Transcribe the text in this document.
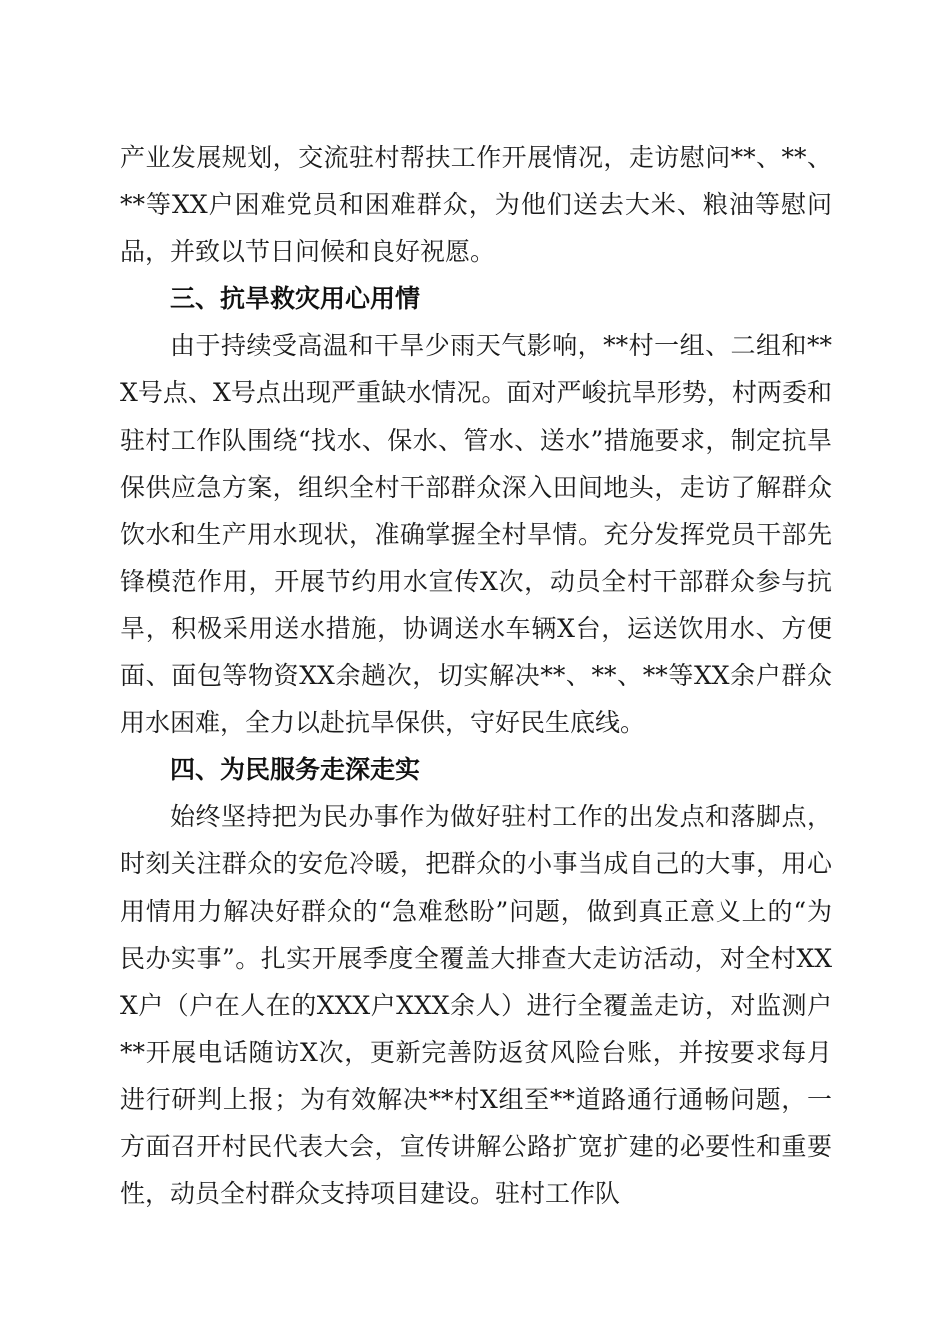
产业发展规划，交流驻村帮扶工作开展情况，走访慰问**、**、**等XX户困难党员和困难群众，为他们送去大米、粮油等慰问品，并致以节日问候和良好祝愿。

三、抗旱救灾用心用情

由于持续受高温和干旱少雨天气影响，**村一组、二组和**X号点、X号点出现严重缺水情况。面对严峻抗旱形势，村两委和驻村工作队围绕“找水、保水、管水、送水”措施要求，制定抗旱保供应急方案，组织全村干部群众深入田间地头，走访了解群众饮水和生产用水现状，准确掌握全村旱情。充分发挥党员干部先锋模范作用，开展节约用水宣传X次，动员全村干部群众参与抗旱，积极采用送水措施，协调送水车辆X台，运送饮用水、方便面、面包等物资XX余趟次，切实解决**、**、**等XX余户群众用水困难，全力以赴抗旱保供，守好民生底线。

四、为民服务走深走实

始终坚持把为民办事作为做好驻村工作的出发点和落脚点，时刻关注群众的安危冷暖，把群众的小事当成自己的大事，用心用情用力解决好群众的“急难愁盼”问题，做到真正意义上的“为民办实事”。扎实开展季度全覆盖大排查大走访活动，对全村XXX户（户在人在的XXX户XXX余人）进行全覆盖走访，对监测户**开展电话随访X次，更新完善防返贫风险台账，并按要求每月进行研判上报；为有效解决**村X组至**道路通行通畅问题，一方面召开村民代表大会，宣传讲解公路扩宽扩建的必要性和重要性，动员全村群众支持项目建设。驻村工作队
